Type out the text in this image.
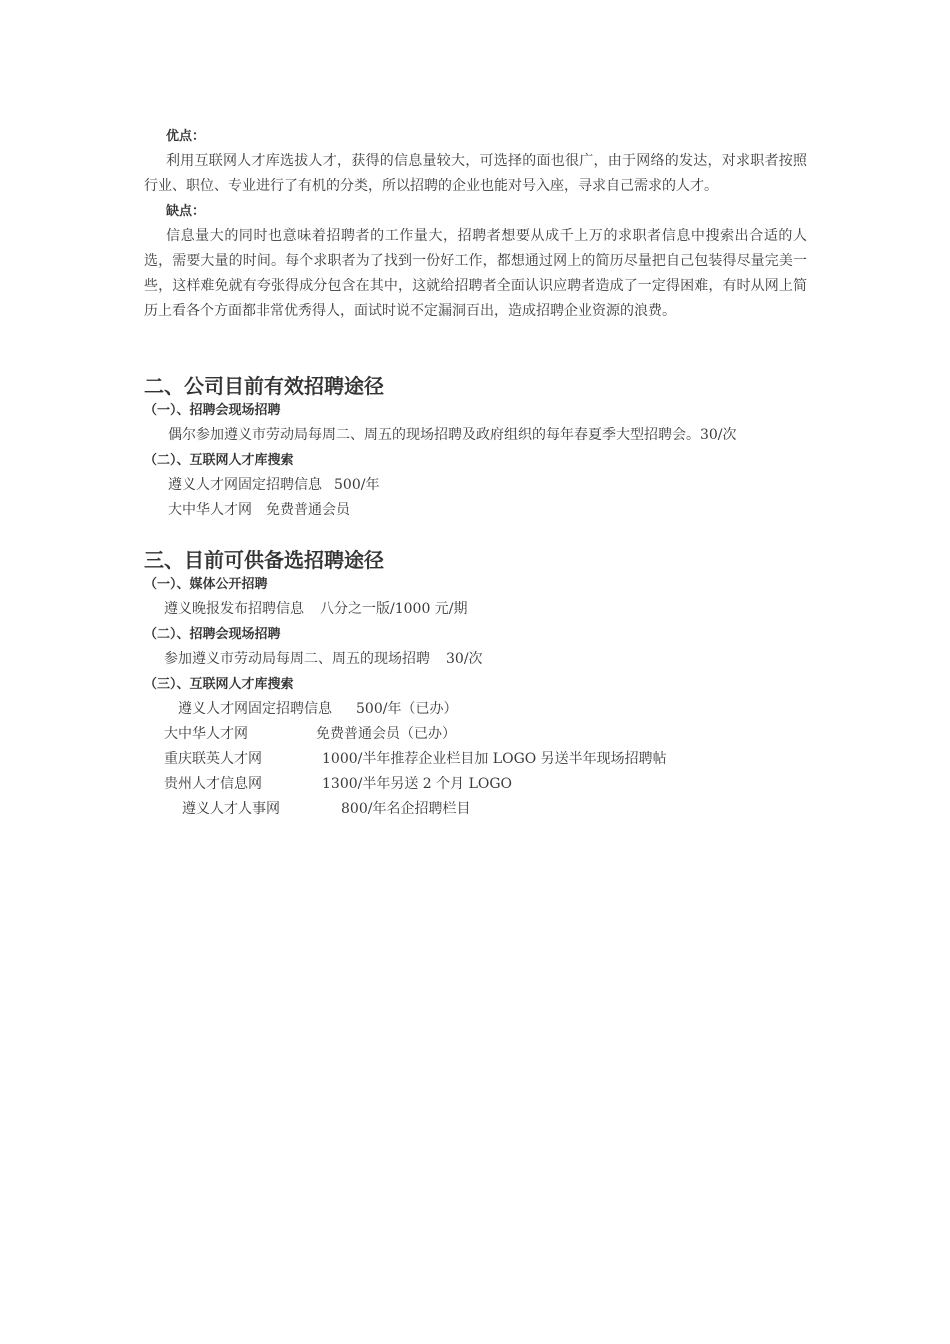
优点：

利用互联网人才库选拔人才，获得的信息量较大，可选择的面也很广，由于网络的发达，对求职者按照行业、职位、专业进行了有机的分类，所以招聘的企业也能对号入座，寻求自己需求的人才。

缺点：

信息量大的同时也意味着招聘者的工作量大，招聘者想要从成千上万的求职者信息中搜索出合适的人选，需要大量的时间。每个求职者为了找到一份好工作，都想通过网上的简历尽量把自己包装得尽量完美一些，这样难免就有夸张得成分包含在其中，这就给招聘者全面认识应聘者造成了一定得困难，有时从网上简历上看各个方面都非常优秀得人，面试时说不定漏洞百出，造成招聘企业资源的浪费。

二、公司目前有效招聘途径
（一）、招聘会现场招聘
偶尔参加遵义市劳动局每周二、周五的现场招聘及政府组织的每年春夏季大型招聘会。30/次
（二）、互联网人才库搜索
遵义人才网固定招聘信息 500/年
大中华人才网 免费普通会员
三、目前可供备选招聘途径
（一）、媒体公开招聘
遵义晚报发布招聘信息 八分之一版/1000 元/期
（二）、招聘会现场招聘
参加遵义市劳动局每周二、周五的现场招聘 30/次
（三）、互联网人才库搜索
遵义人才网固定招聘信息 500/年（已办）
大中华人才网	免费普通会员（已办）
重庆联英人才网	1000/半年推荐企业栏目加 LOGO 另送半年现场招聘帖
贵州人才信息网	1300/半年另送 2 个月 LOGO
遵义人才人事网	800/年名企招聘栏目
